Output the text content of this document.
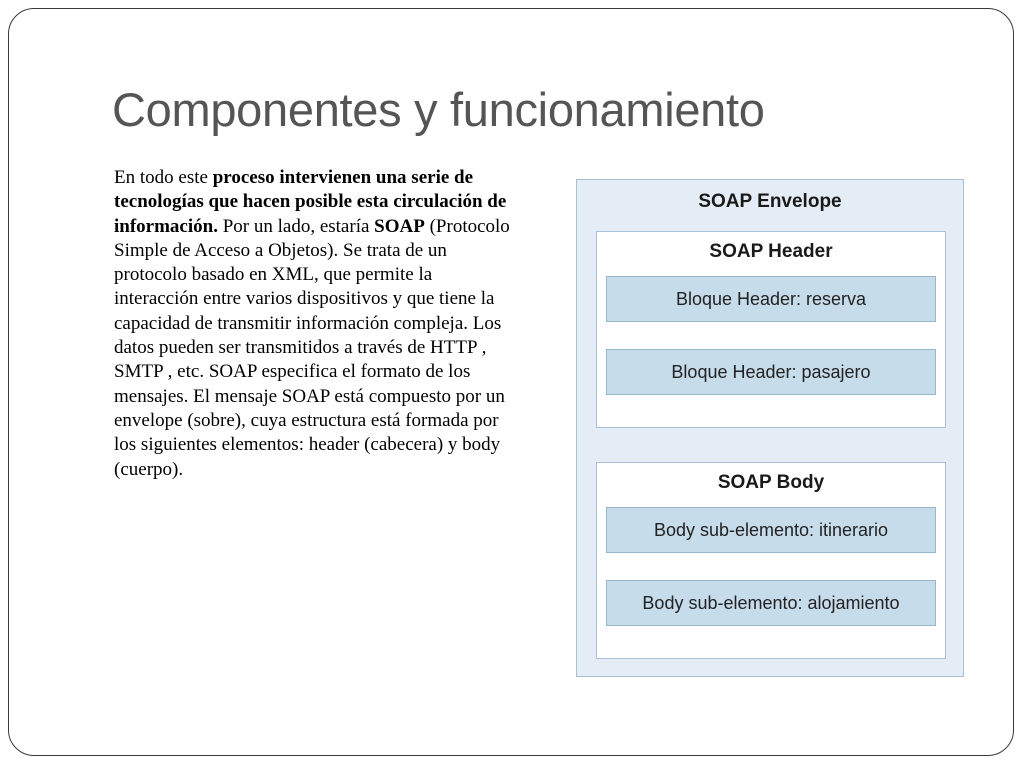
Componentes y funcionamiento

En todo este proceso intervienen una serie de tecnologías que hacen posible esta circulación de información. Por un lado, estaría SOAP (Protocolo Simple de Acceso a Objetos). Se trata de un protocolo basado en XML, que permite la interacción entre varios dispositivos y que tiene la capacidad de transmitir información compleja. Los datos pueden ser transmitidos a través de HTTP , SMTP , etc. SOAP especifica el formato de los mensajes. El mensaje SOAP está compuesto por un envelope (sobre), cuya estructura está formada por los siguientes elementos: header (cabecera) y body (cuerpo).

SOAP Envelope
SOAP Header
Bloque Header: reserva
Bloque Header: pasajero
SOAP Body
Body sub-elemento: itinerario
Body sub-elemento: alojamiento
